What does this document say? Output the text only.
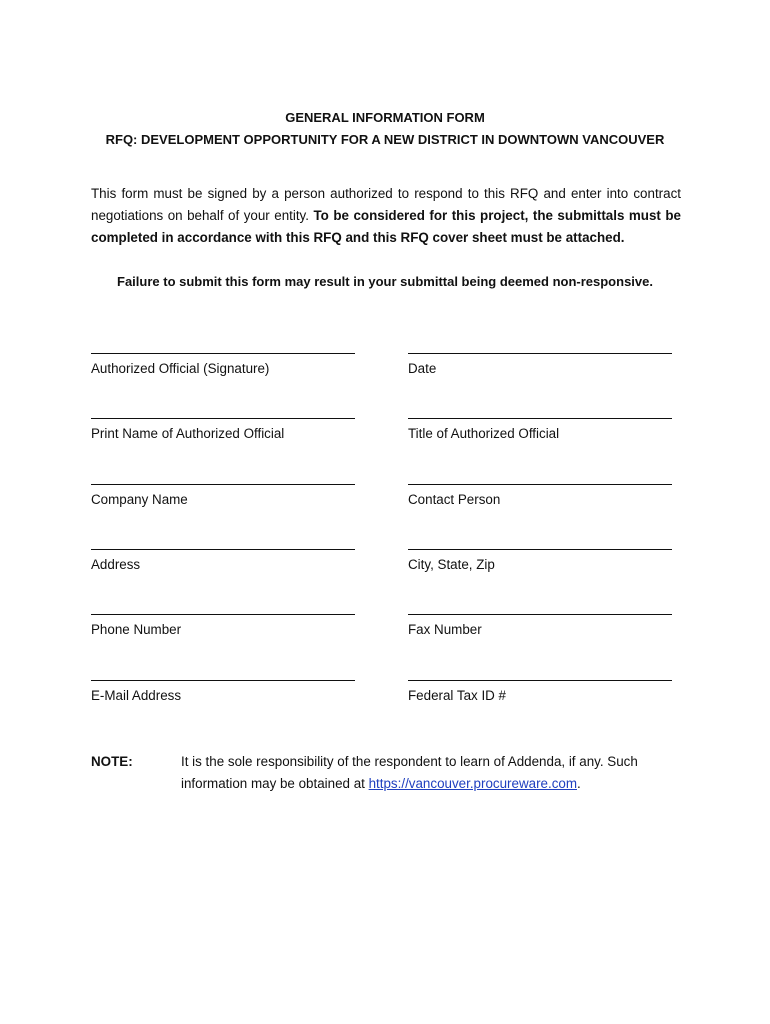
GENERAL INFORMATION FORM
RFQ: DEVELOPMENT OPPORTUNITY FOR A NEW DISTRICT IN DOWNTOWN VANCOUVER
This form must be signed by a person authorized to respond to this RFQ and enter into contract negotiations on behalf of your entity. To be considered for this project, the submittals must be completed in accordance with this RFQ and this RFQ cover sheet must be attached.
Failure to submit this form may result in your submittal being deemed non-responsive.
Authorized Official (Signature)	Date
Print Name of Authorized Official	Title of Authorized Official
Company Name	Contact Person
Address	City, State, Zip
Phone Number	Fax Number
E-Mail Address	Federal Tax ID #
NOTE:	It is the sole responsibility of the respondent to learn of Addenda, if any. Such information may be obtained at https://vancouver.procureware.com.
